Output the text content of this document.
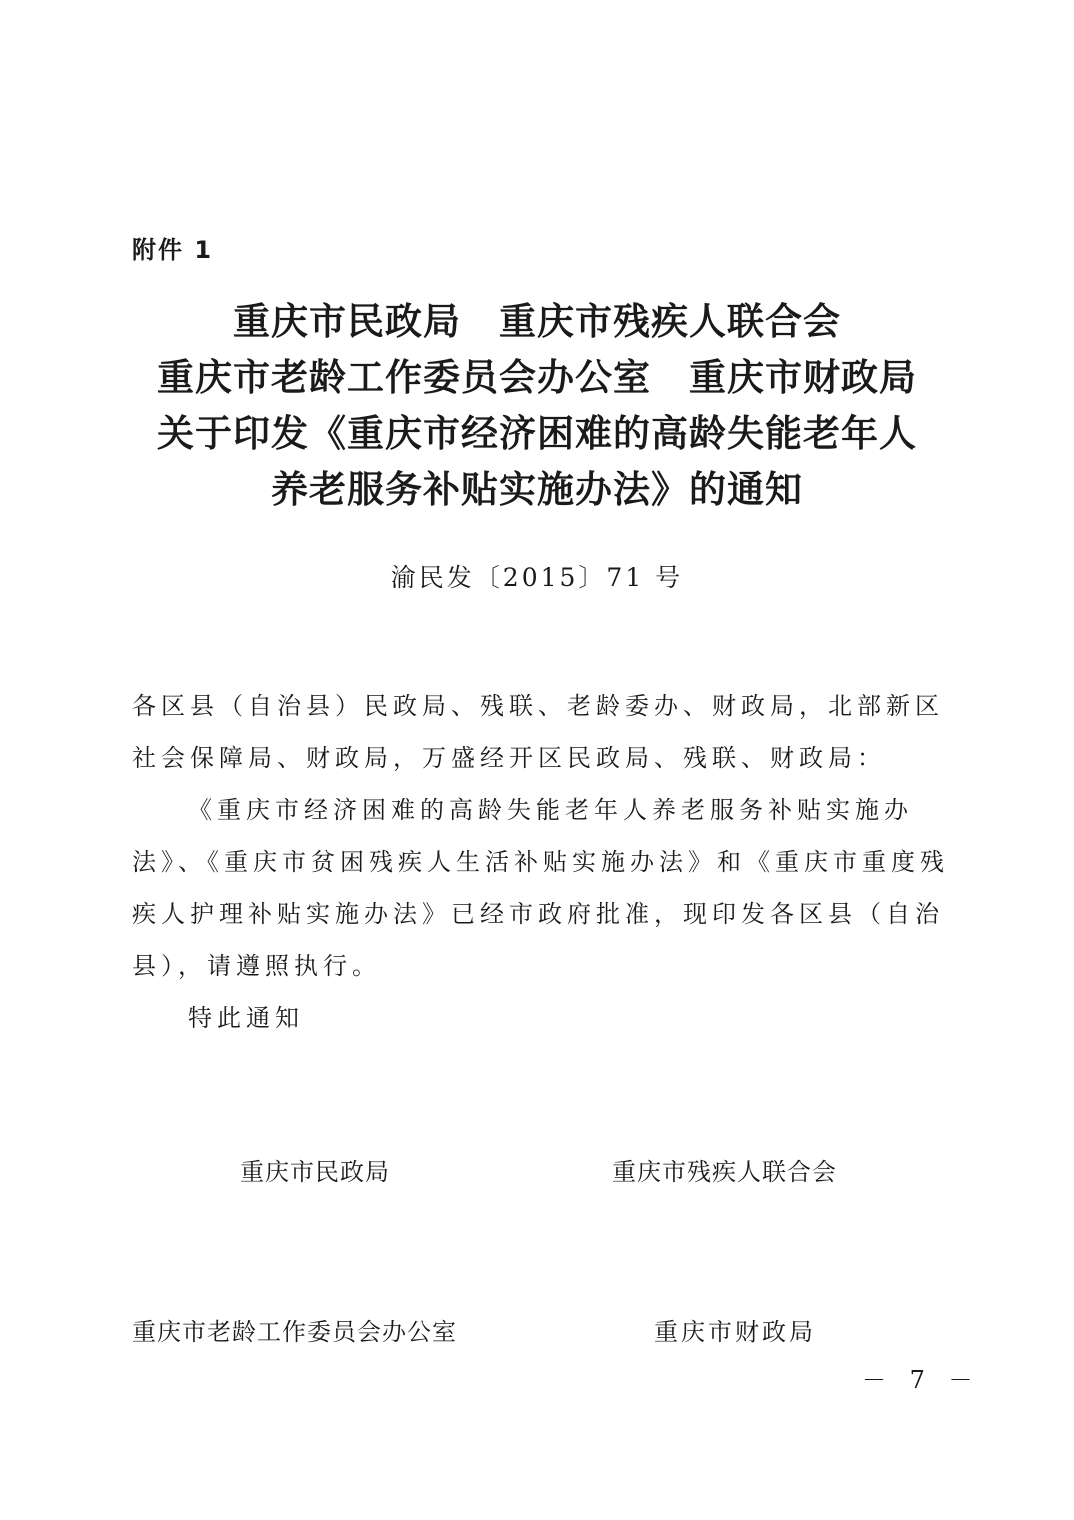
附件 1
重庆市民政局　重庆市残疾人联合会
重庆市老龄工作委员会办公室　重庆市财政局
关于印发《重庆市经济困难的高龄失能老年人
养老服务补贴实施办法》的通知
渝民发〔2015〕71 号
各区县（自治县）民政局、残联、老龄委办、财政局，北部新区
社会保障局、财政局，万盛经开区民政局、残联、财政局：
《重庆市经济困难的高龄失能老年人养老服务补贴实施办
法》、《重庆市贫困残疾人生活补贴实施办法》和《重庆市重度残
疾人护理补贴实施办法》已经市政府批准，现印发各区县（自治
县），请遵照执行。
特此通知
重庆市民政局	重庆市残疾人联合会
重庆市老龄工作委员会办公室	重庆市财政局
－ 7 －
